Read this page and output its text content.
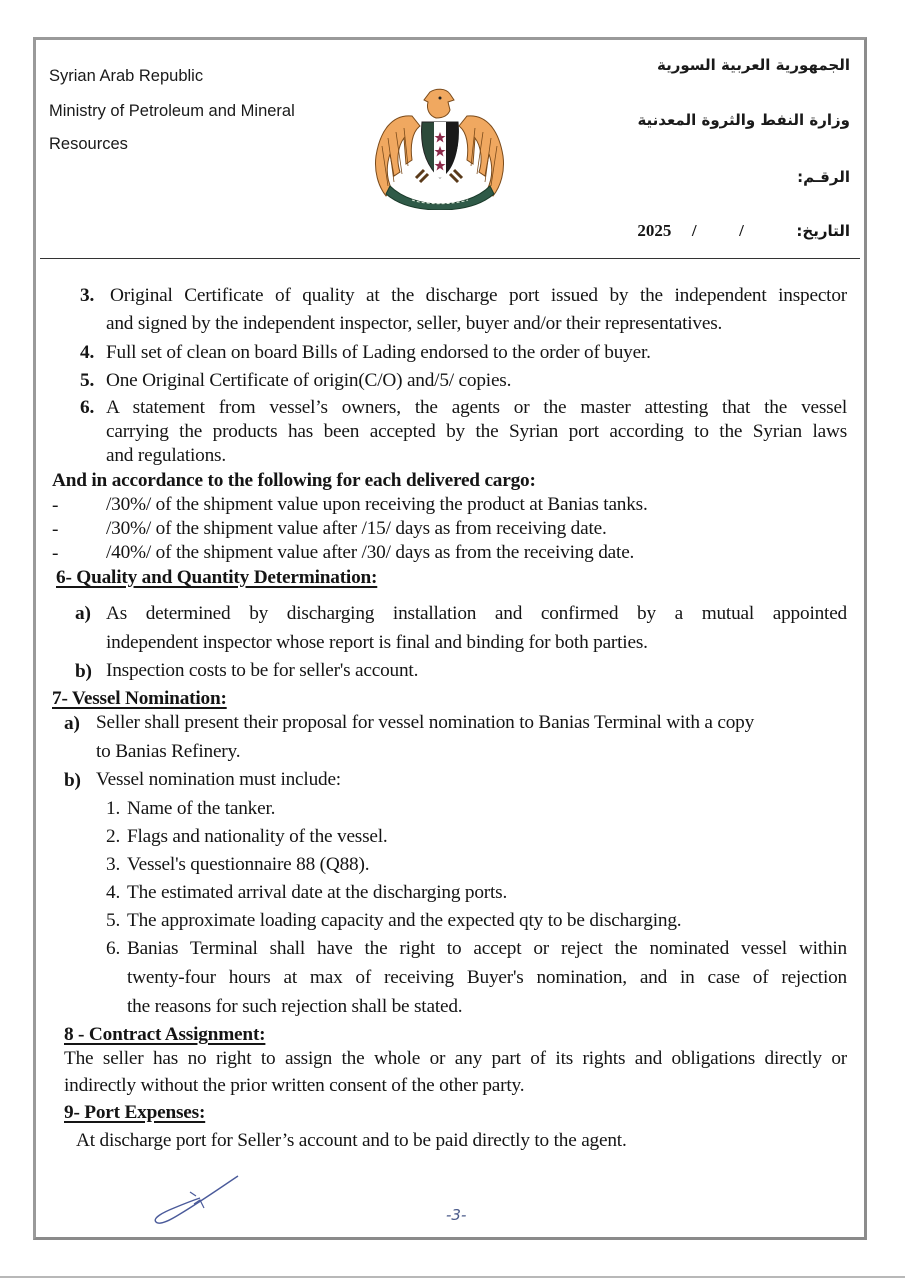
Syrian Arab Republic
Ministry of Petroleum and Mineral
Resources
الجمهورية العربية السورية
وزارة النفط والثروة المعدنية
الرقـم:
التاريخ:  /  /  2025
3. Original Certificate of quality at the discharge port issued by the independent inspector
and signed by the independent inspector, seller, buyer and/or their representatives.
4. Full set of clean on board Bills of Lading endorsed to the order of buyer.
5. One Original Certificate of origin(C/O) and/5/ copies.
6. A statement from vessel’s owners, the agents or the master attesting that the vessel
carrying the products has been accepted by the Syrian port according to the Syrian laws
and regulations.
And in accordance to the following for each delivered cargo:
- /30%/ of the shipment value upon receiving the product at Banias tanks.
- /30%/ of the shipment value after /15/ days as from receiving date.
- /40%/ of the shipment value after /30/ days as from the receiving date.
6- Quality and Quantity Determination:
a) As determined by discharging installation and confirmed by a mutual appointed
independent inspector whose report is final and binding for both parties.
b) Inspection costs to be for seller's account.
7- Vessel Nomination:
a) Seller shall present their proposal for vessel nomination to Banias Terminal with a copy
to Banias Refinery.
b) Vessel nomination must include:
1. Name of the tanker.
2. Flags and nationality of the vessel.
3. Vessel's questionnaire 88 (Q88).
4. The estimated arrival date at the discharging ports.
5. The approximate loading capacity and the expected qty to be discharging.
6. Banias Terminal shall have the right to accept or reject the nominated vessel within
twenty-four hours at max of receiving Buyer's nomination, and in case of rejection
the reasons for such rejection shall be stated.
8 - Contract Assignment:
The seller has no right to assign the whole or any part of its rights and obligations directly or
indirectly without the prior written consent of the other party.
9- Port Expenses:
At discharge port for Seller’s account and to be paid directly to the agent.
-3-
